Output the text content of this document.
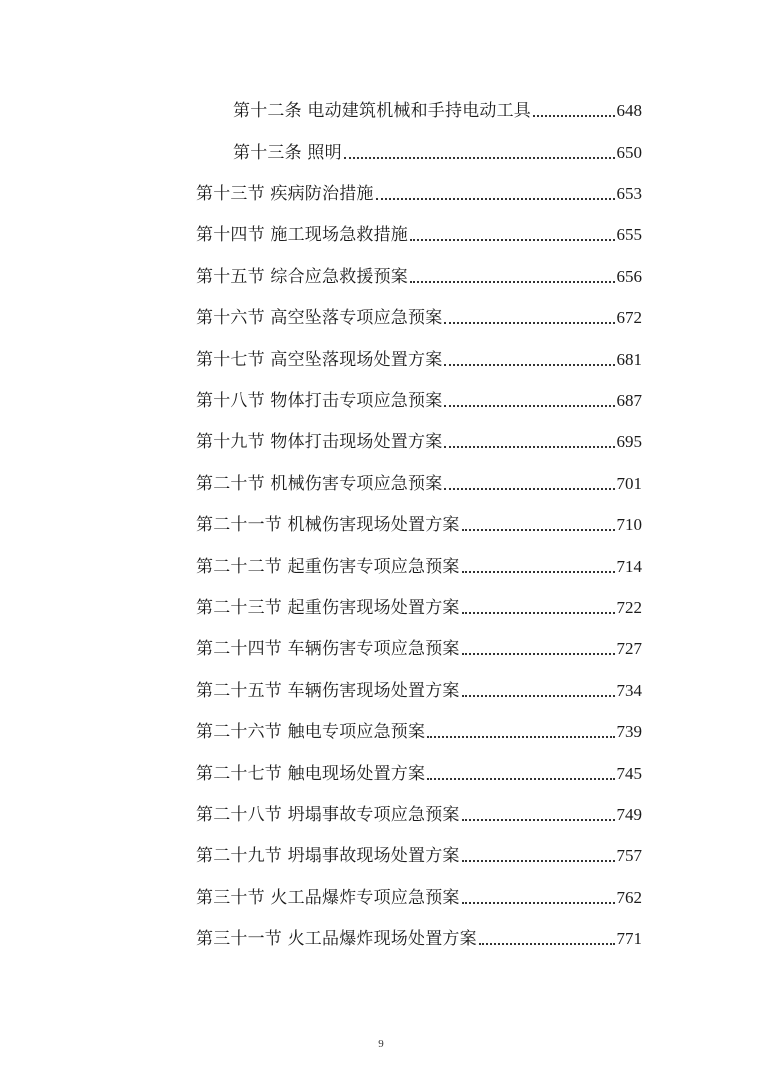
第十二条 电动建筑机械和手持电动工具	648
第十三条 照明	650
第十三节 疾病防治措施	653
第十四节 施工现场急救措施	655
第十五节 综合应急救援预案	656
第十六节 高空坠落专项应急预案	672
第十七节 高空坠落现场处置方案	681
第十八节 物体打击专项应急预案	687
第十九节 物体打击现场处置方案	695
第二十节 机械伤害专项应急预案	701
第二十一节 机械伤害现场处置方案	710
第二十二节 起重伤害专项应急预案	714
第二十三节 起重伤害现场处置方案	722
第二十四节 车辆伤害专项应急预案	727
第二十五节 车辆伤害现场处置方案	734
第二十六节 触电专项应急预案	739
第二十七节 触电现场处置方案	745
第二十八节 坍塌事故专项应急预案	749
第二十九节 坍塌事故现场处置方案	757
第三十节 火工品爆炸专项应急预案	762
第三十一节 火工品爆炸现场处置方案	771
9
